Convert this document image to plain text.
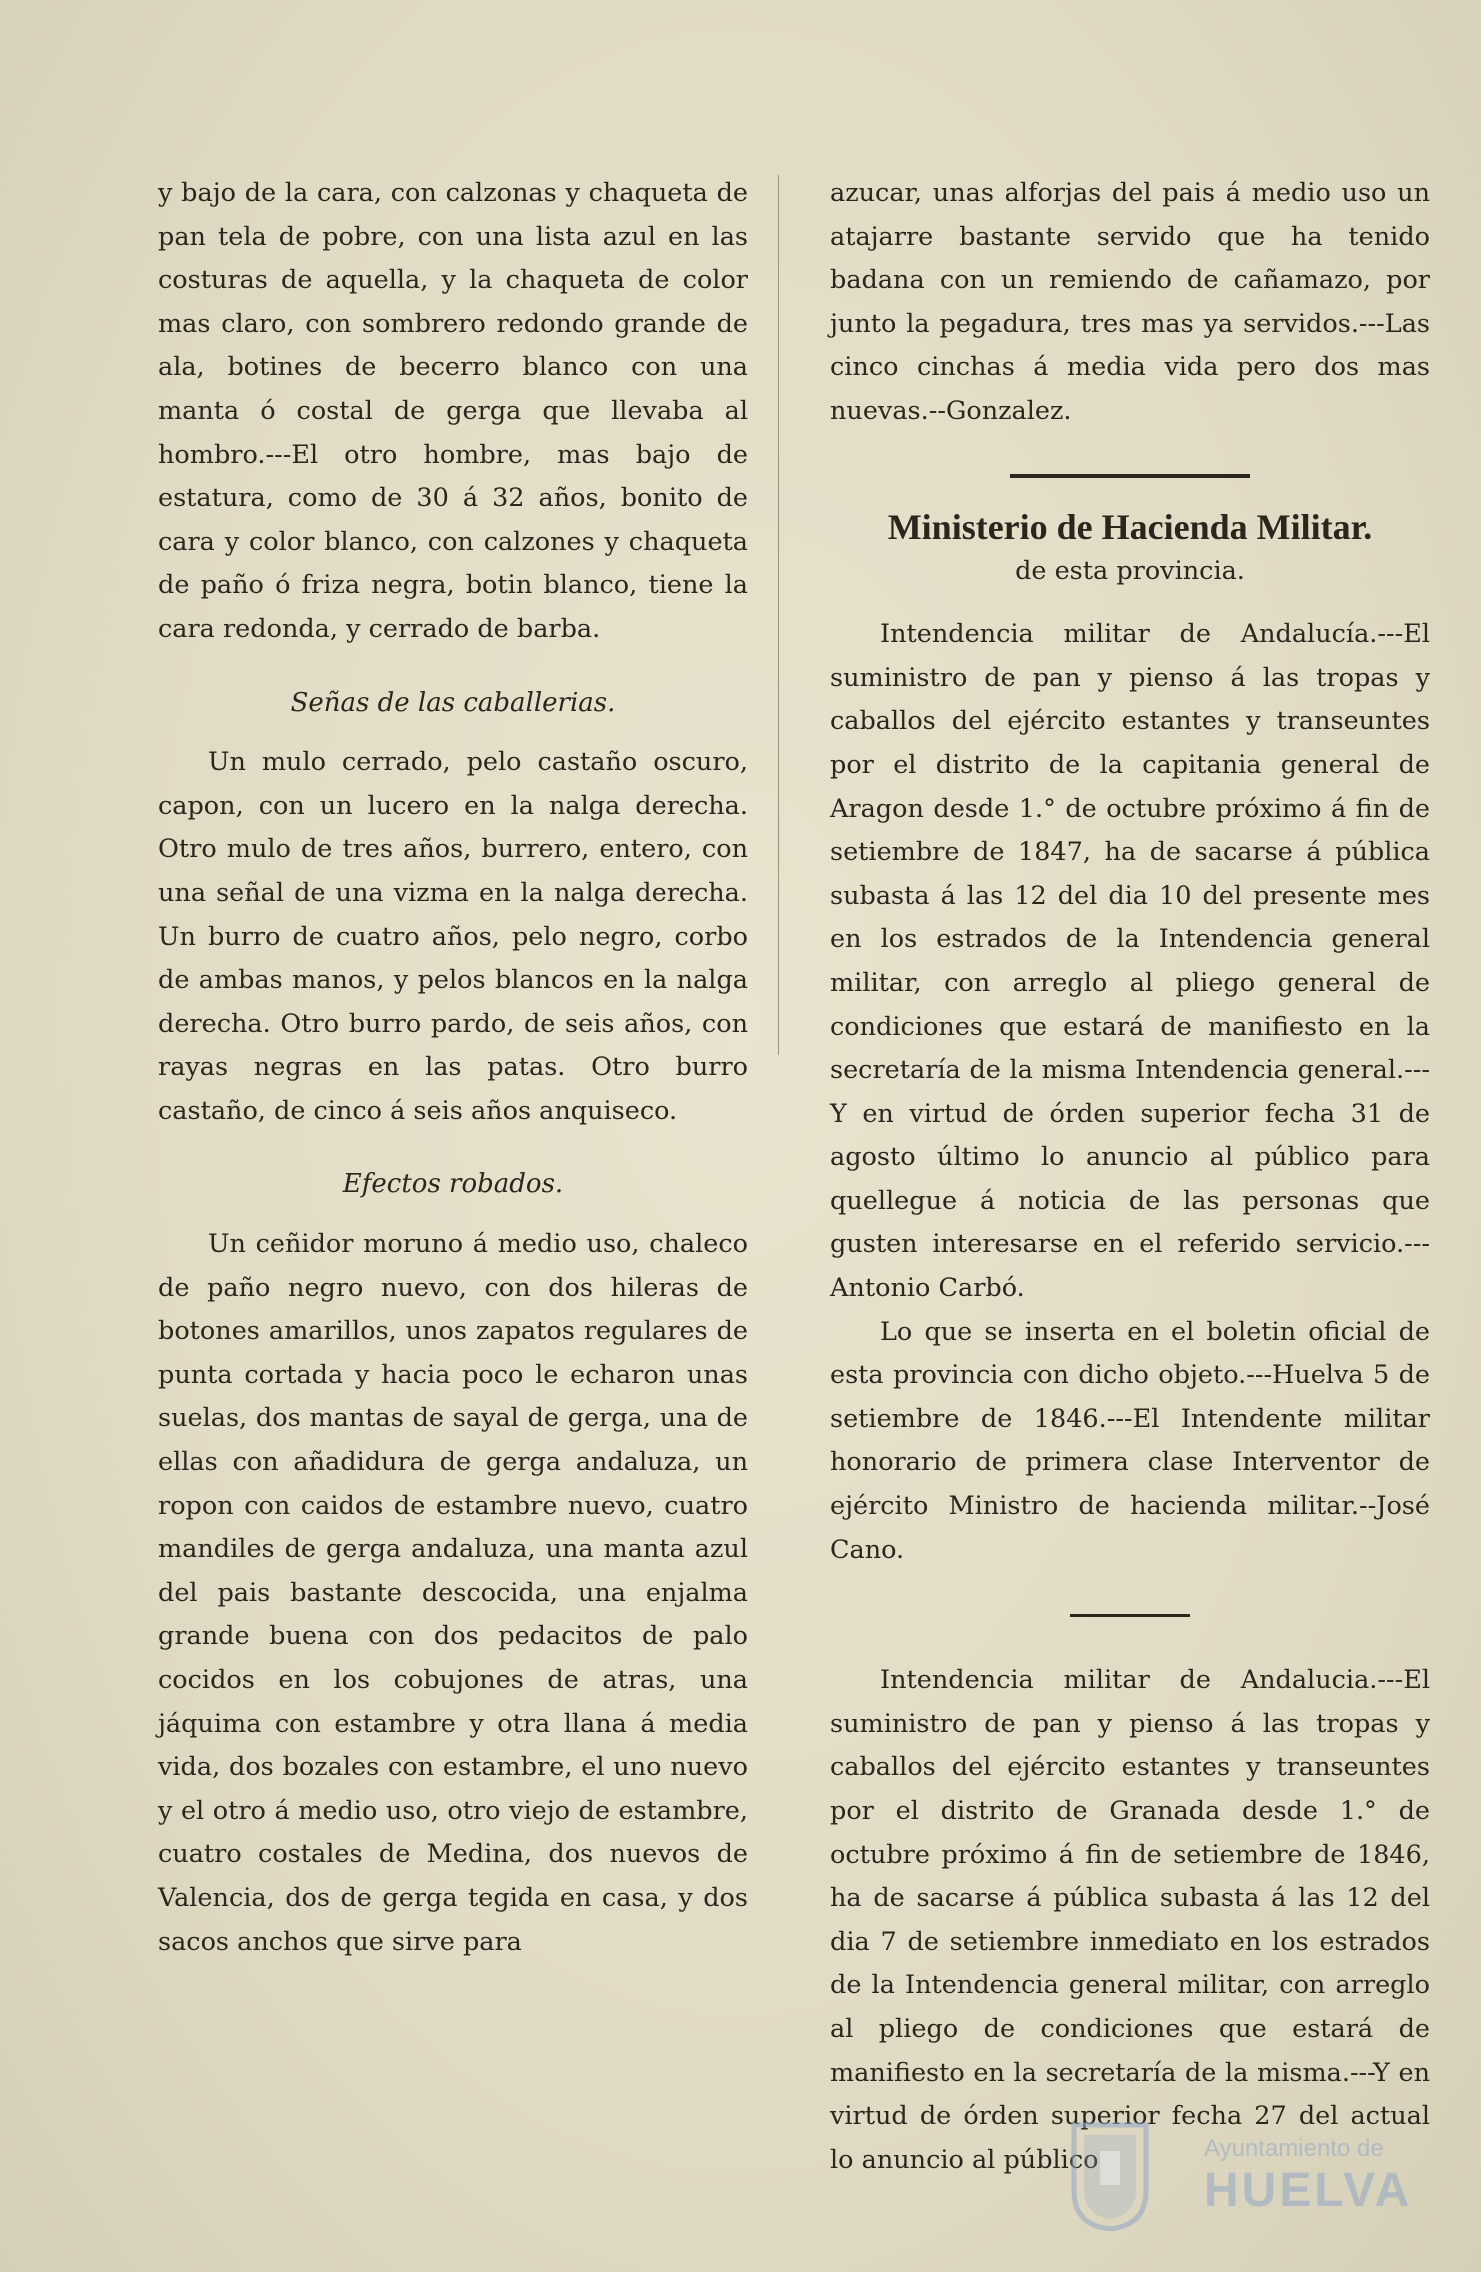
y bajo de la cara, con calzonas y chaqueta de pan tela de pobre, con una lista azul en las costuras de aquella, y la chaqueta de color mas claro, con sombrero redondo grande de ala, botines de becerro blanco con una manta ó costal de gerga que llevaba al hombro.---El otro hombre, mas bajo de estatura, como de 30 á 32 años, bonito de cara y color blanco, con calzones y chaqueta de paño ó friza negra, botin blanco, tiene la cara redonda, y cerrado de barba.

Señas de las caballerias.

Un mulo cerrado, pelo castaño oscuro, capon, con un lucero en la nalga derecha. Otro mulo de tres años, burrero, entero, con una señal de una vizma en la nalga derecha. Un burro de cuatro años, pelo negro, corbo de ambas manos, y pelos blancos en la nalga derecha. Otro burro pardo, de seis años, con rayas negras en las patas. Otro burro castaño, de cinco á seis años anquiseco.

Efectos robados.

Un ceñidor moruno á medio uso, chaleco de paño negro nuevo, con dos hileras de botones amarillos, unos zapatos regulares de punta cortada y hacia poco le echaron unas suelas, dos mantas de sayal de gerga, una de ellas con añadidura de gerga andaluza, un ropon con caidos de estambre nuevo, cuatro mandiles de gerga andaluza, una manta azul del pais bastante descocida, una enjalma grande buena con dos pedacitos de palo cocidos en los cobujones de atras, una jáquima con estambre y otra llana á media vida, dos bozales con estambre, el uno nuevo y el otro á medio uso, otro viejo de estambre, cuatro costales de Medina, dos nuevos de Valencia, dos de gerga tegida en casa, y dos sacos anchos que sirve para

azucar, unas alforjas del pais á medio uso un atajarre bastante servido que ha tenido badana con un remiendo de cañamazo, por junto la pegadura, tres mas ya servidos.---Las cinco cinchas á media vida pero dos mas nuevas.--Gonzalez.

Ministerio de Hacienda Militar.
de esta provincia.

Intendencia militar de Andalucía.---El suministro de pan y pienso á las tropas y caballos del ejército estantes y transeuntes por el distrito de la capitania general de Aragon desde 1.° de octubre próximo á fin de setiembre de 1847, ha de sacarse á pública subasta á las 12 del dia 10 del presente mes en los estrados de la Intendencia general militar, con arreglo al pliego general de condiciones que estará de manifiesto en la secretaría de la misma Intendencia general.---Y en virtud de órden superior fecha 31 de agosto último lo anuncio al público para quellegue á noticia de las personas que gusten interesarse en el referido servicio.---Antonio Carbó.

Lo que se inserta en el boletin oficial de esta provincia con dicho objeto.---Huelva 5 de setiembre de 1846.---El Intendente militar honorario de primera clase Interventor de ejército Ministro de hacienda militar.--José Cano.

Intendencia militar de Andalucia.---El suministro de pan y pienso á las tropas y caballos del ejército estantes y transeuntes por el distrito de Granada desde 1.° de octubre próximo á fin de setiembre de 1846, ha de sacarse á pública subasta á las 12 del dia 7 de setiembre inmediato en los estrados de la Intendencia general militar, con arreglo al pliego de condiciones que estará de manifiesto en la secretaría de la misma.---Y en virtud de órden superior fecha 27 del actual lo anuncio al público	Ayuntamiento de
HUELVA
